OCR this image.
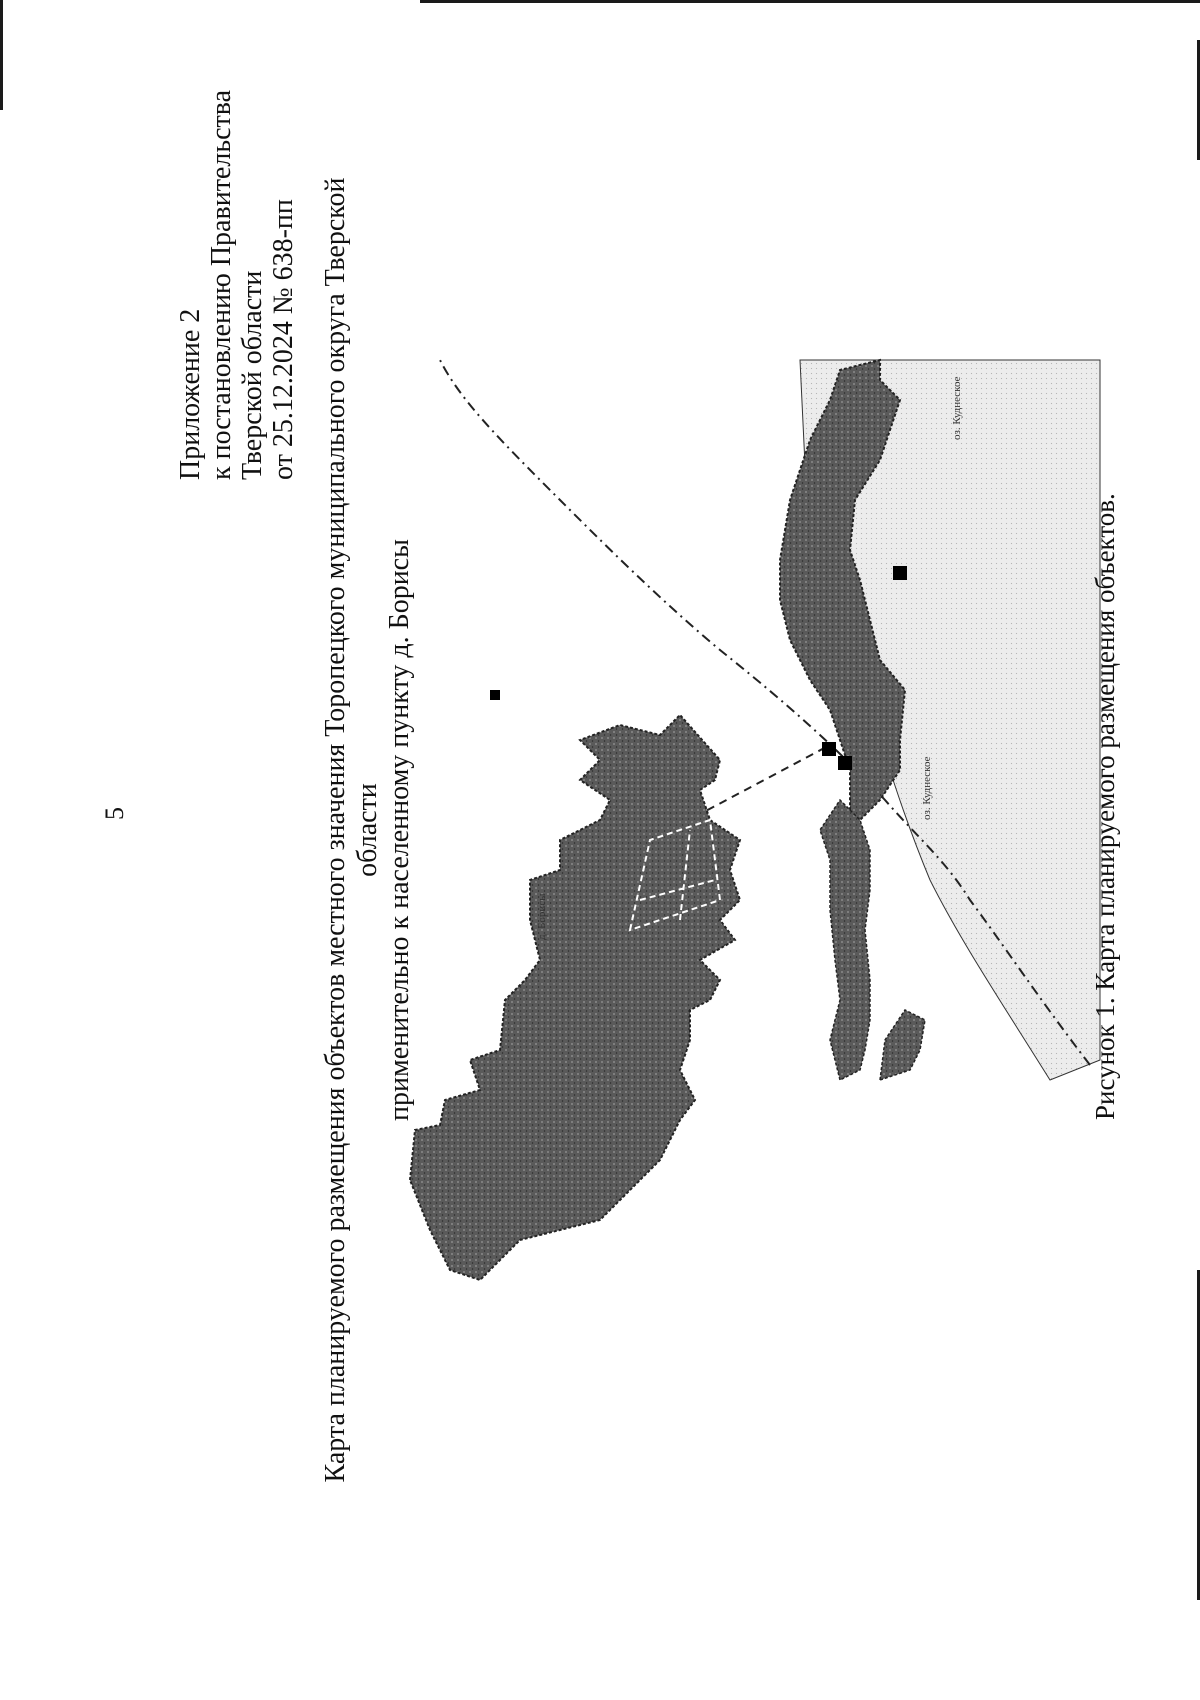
5
Приложение 2 к постановлению Правительства Тверской области от 25.12.2024 № 638-пп Карта планируемого размещения объектов местного значения Торопецкого муниципального округа Тверской области применительно к населенному пункту д. Борисы	д. Борисы
оз. Куднеское
оз. Куднеское
Рисунок 1. Карта планируемого размещения объектов.
